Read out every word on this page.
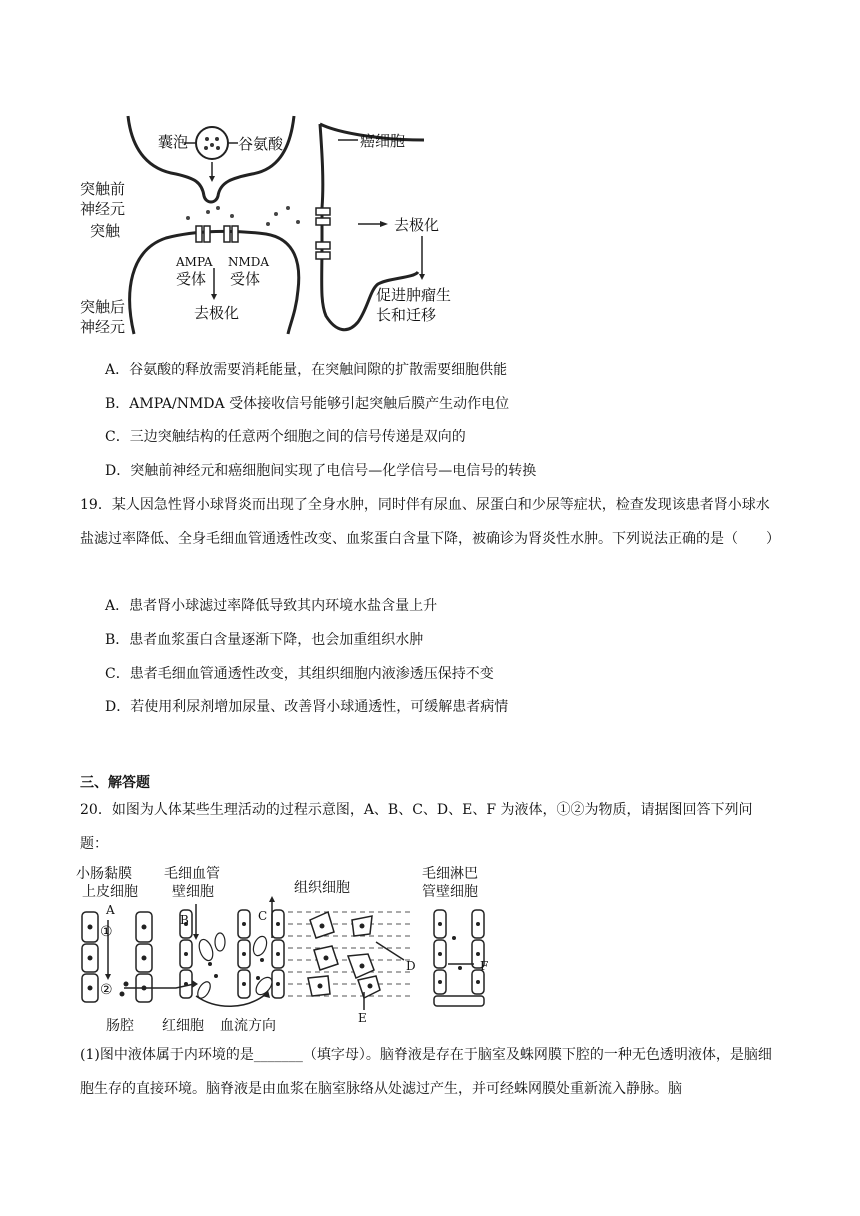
囊泡	谷氨酸	癌细胞
突触前
神经元
突触
AMPA
受体
NMDA
受体
去极化
去极化
突触后
神经元
促进肿瘤生
长和迁移
A．谷氨酸的释放需要消耗能量，在突触间隙的扩散需要细胞供能
B．AMPA/NMDA 受体接收信号能够引起突触后膜产生动作电位
C．三边突触结构的任意两个细胞之间的信号传递是双向的
D．突触前神经元和癌细胞间实现了电信号—化学信号—电信号的转换
19．某人因急性肾小球肾炎而出现了全身水肿，同时伴有尿血、尿蛋白和少尿等症状，检查发现该患者肾小球水盐滤过率降低、全身毛细血管通透性改变、血浆蛋白含量下降，被确诊为肾炎性水肿。下列说法正确的是（　　）
A．患者肾小球滤过率降低导致其内环境水盐含量上升
B．患者血浆蛋白含量逐渐下降，也会加重组织水肿
C．患者毛细血管通透性改变，其组织细胞内液渗透压保持不变
D．若使用利尿剂增加尿量、改善肾小球通透性，可缓解患者病情
三、解答题
20．如图为人体某些生理活动的过程示意图，A、B、C、D、E、F 为液体，①②为物质，请据图回答下列问题：
小肠黏膜
上皮细胞
毛细血管
壁细胞	组织细胞
毛细淋巴
管壁细胞
A
B	C
D
E
F
①
②
肠腔 红细胞 血流方向
(1)图中液体属于内环境的是_______（填字母）。脑脊液是存在于脑室及蛛网膜下腔的一种无色透明液体，是脑细胞生存的直接环境。脑脊液是由血浆在脑室脉络从处滤过产生，并可经蛛网膜处重新流入静脉。脑
